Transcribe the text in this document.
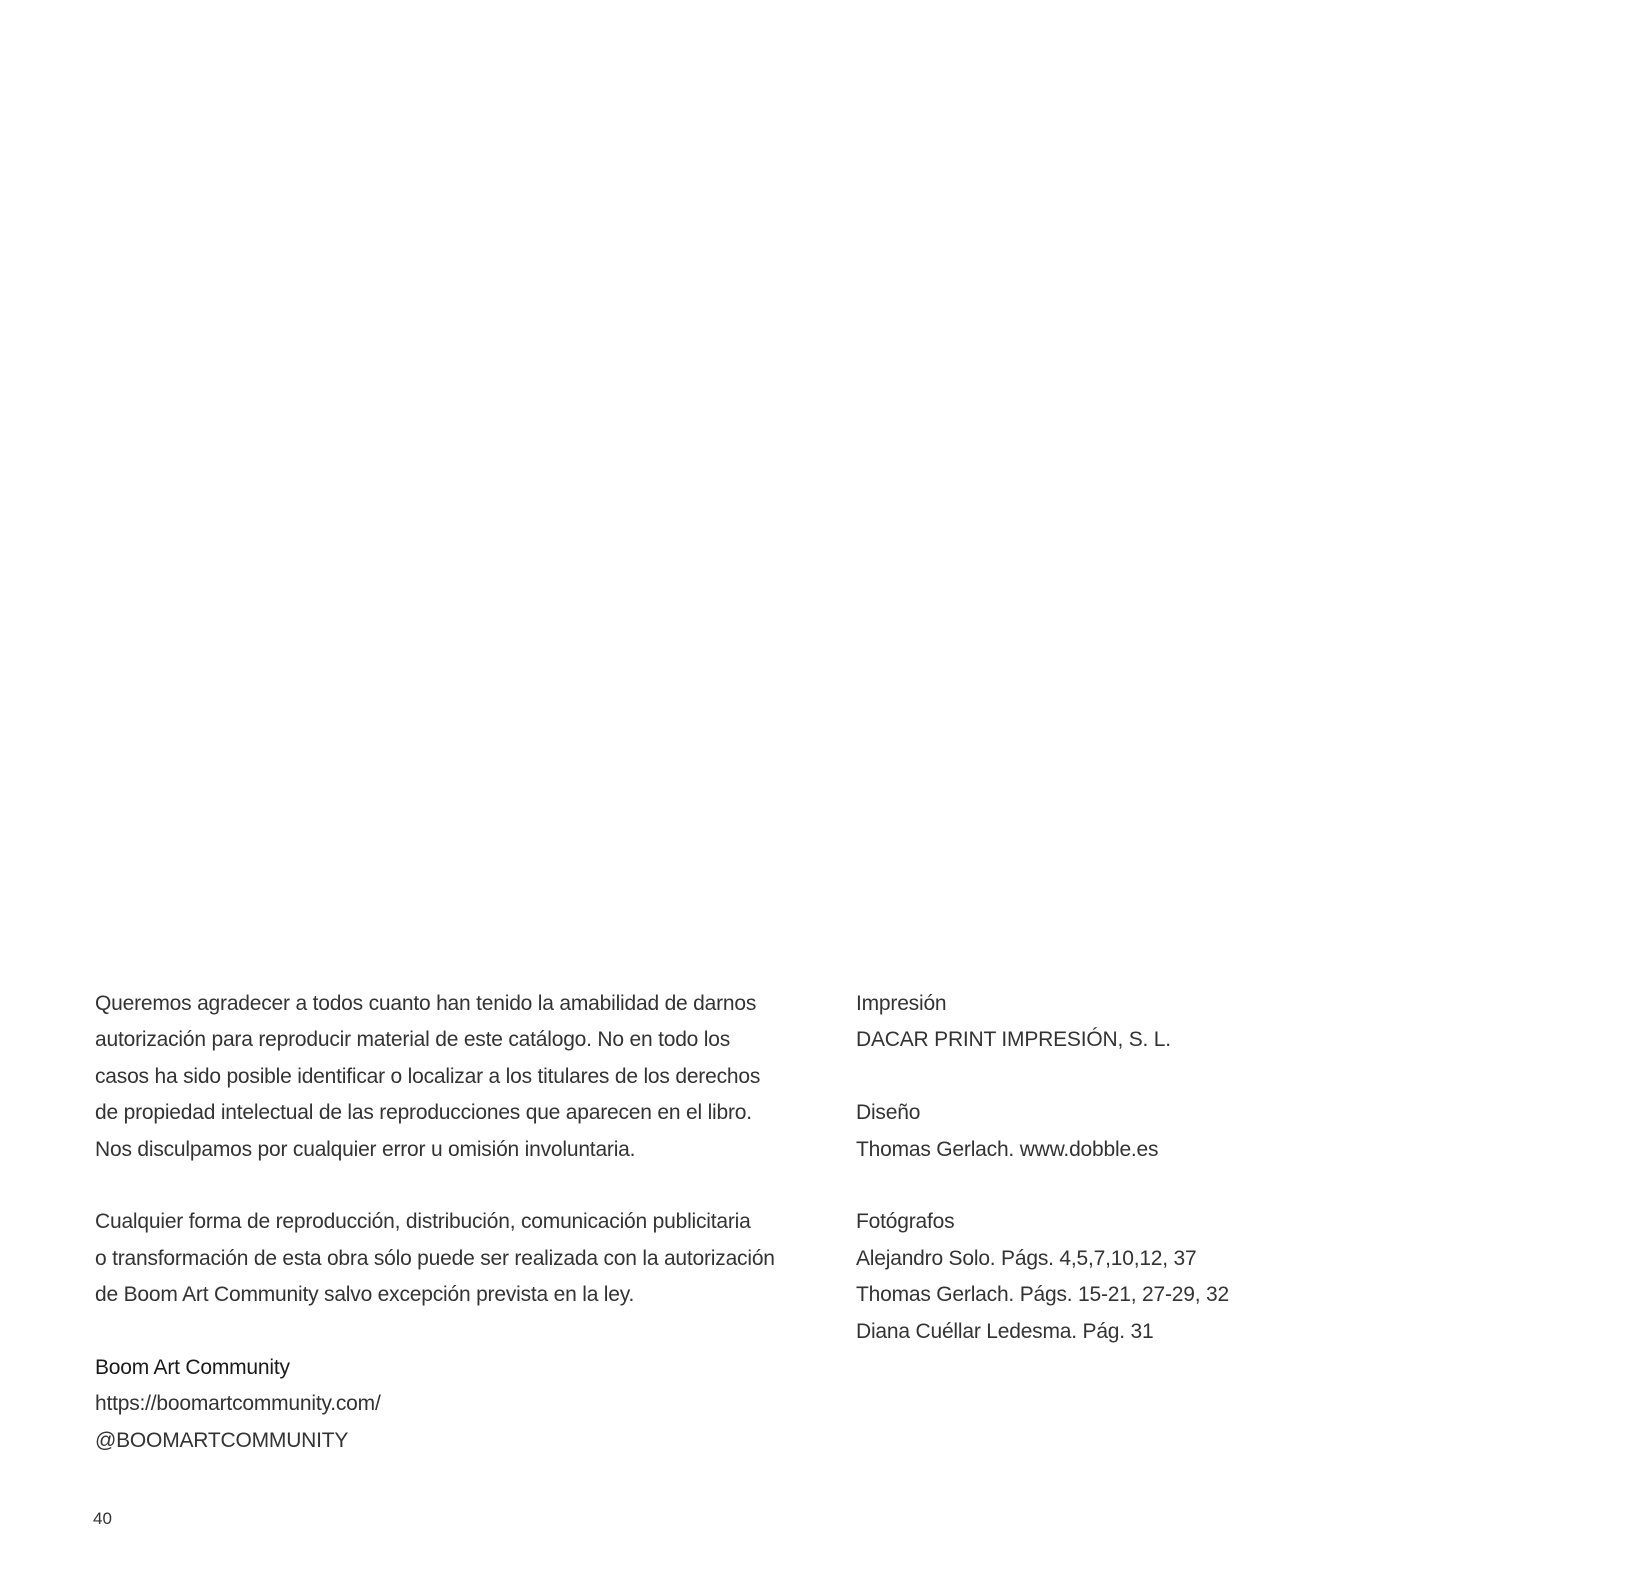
Queremos agradecer a todos cuanto han tenido la amabilidad de darnos
autorización para reproducir material de este catálogo. No en todo los
casos ha sido posible identificar o localizar a los titulares de los derechos
de propiedad intelectual de las reproducciones que aparecen en el libro.
Nos disculpamos por cualquier error u omisión involuntaria.
Cualquier forma de reproducción, distribución, comunicación publicitaria
o transformación de esta obra sólo puede ser realizada con la autorización
de Boom Art Community salvo excepción prevista en la ley.
Boom Art Community
https://boomartcommunity.com/
@BOOMARTCOMMUNITY
Impresión
DACAR PRINT IMPRESIÓN, S. L.
Diseño
Thomas Gerlach. www.dobble.es
Fotógrafos
Alejandro Solo. Págs. 4,5,7,10,12, 37
Thomas Gerlach. Págs. 15-21, 27-29, 32
Diana Cuéllar Ledesma. Pág. 31
40
